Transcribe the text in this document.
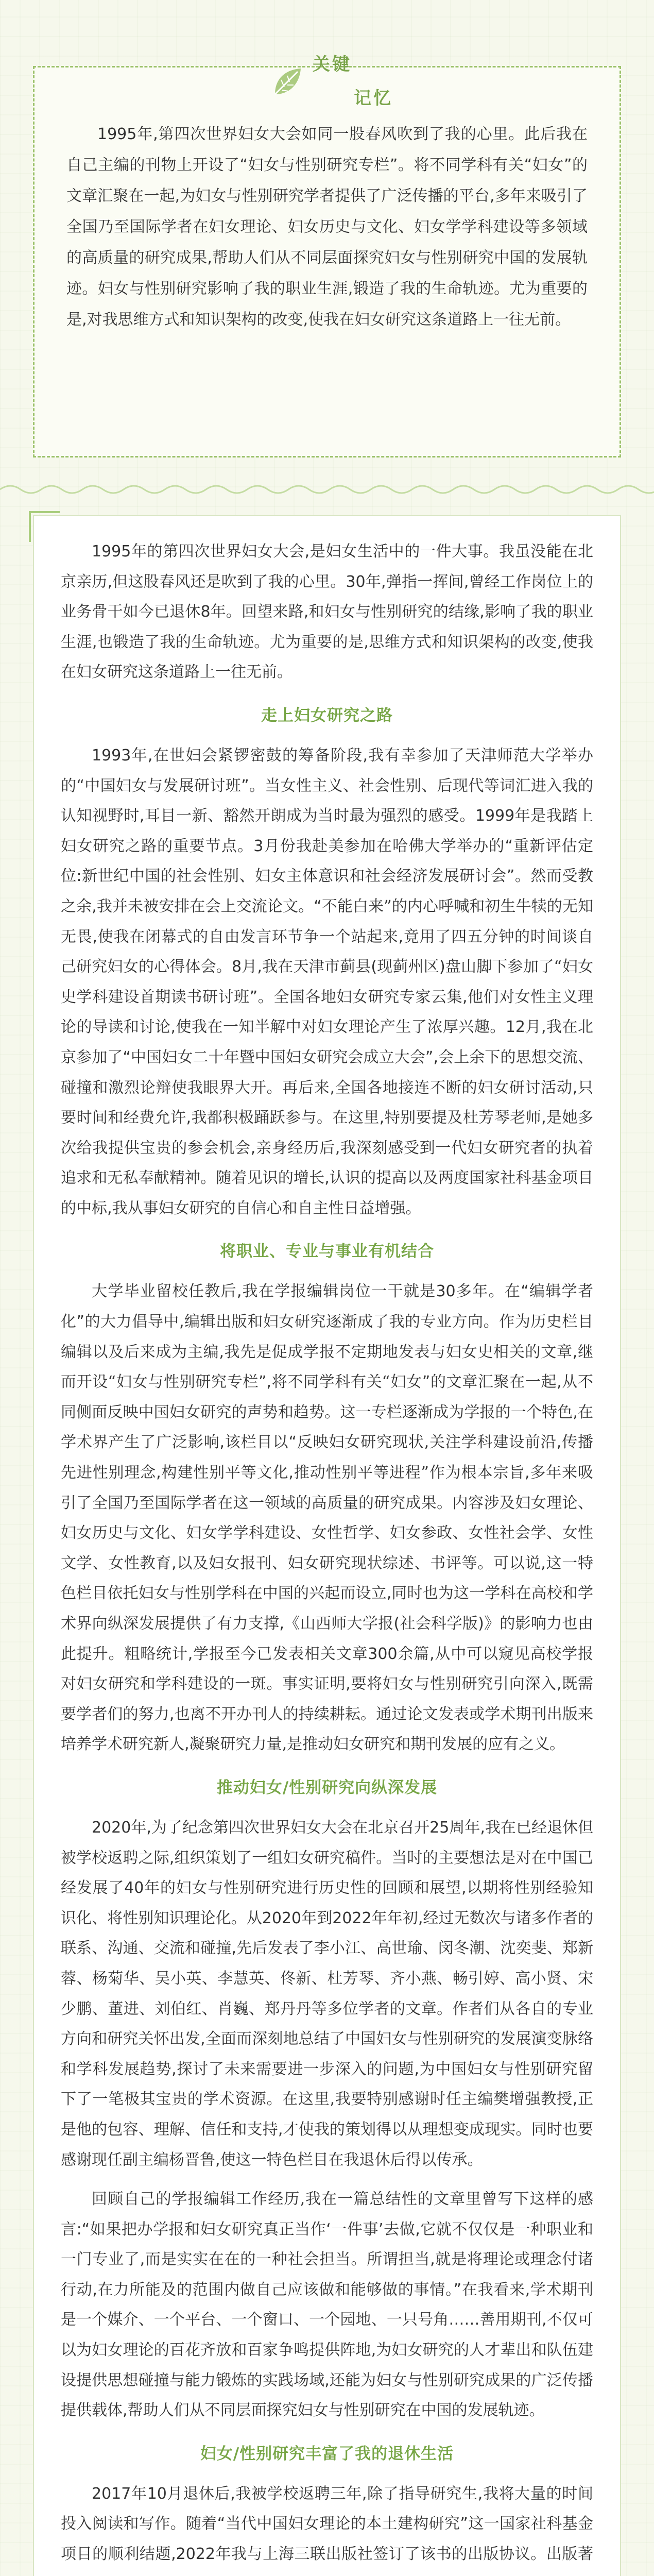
关键
记忆

1995年,第四次世界妇女大会如同一股春风吹到了我的心里。此后我在自己主编的刊物上开设了“妇女与性别研究专栏”。将不同学科有关“妇女”的文章汇聚在一起,为妇女与性别研究学者提供了广泛传播的平台,多年来吸引了全国乃至国际学者在妇女理论、妇女历史与文化、妇女学学科建设等多领域的高质量的研究成果,帮助人们从不同层面探究妇女与性别研究中国的发展轨迹。妇女与性别研究影响了我的职业生涯,锻造了我的生命轨迹。尤为重要的是,对我思维方式和知识架构的改变,使我在妇女研究这条道路上一往无前。

1995年的第四次世界妇女大会,是妇女生活中的一件大事。我虽没能在北京亲历,但这股春风还是吹到了我的心里。30年,弹指一挥间,曾经工作岗位上的业务骨干如今已退休8年。回望来路,和妇女与性别研究的结缘,影响了我的职业生涯,也锻造了我的生命轨迹。尤为重要的是,思维方式和知识架构的改变,使我在妇女研究这条道路上一往无前。

走上妇女研究之路

1993年,在世妇会紧锣密鼓的筹备阶段,我有幸参加了天津师范大学举办的“中国妇女与发展研讨班”。当女性主义、社会性别、后现代等词汇进入我的认知视野时,耳目一新、豁然开朗成为当时最为强烈的感受。1999年是我踏上妇女研究之路的重要节点。3月份我赴美参加在哈佛大学举办的“重新评估定位:新世纪中国的社会性别、妇女主体意识和社会经济发展研讨会”。然而受教之余,我并未被安排在会上交流论文。“不能白来”的内心呼喊和初生牛犊的无知无畏,使我在闭幕式的自由发言环节争一个站起来,竟用了四五分钟的时间谈自己研究妇女的心得体会。8月,我在天津市蓟县(现蓟州区)盘山脚下参加了“妇女史学科建设首期读书研讨班”。全国各地妇女研究专家云集,他们对女性主义理论的导读和讨论,使我在一知半解中对妇女理论产生了浓厚兴趣。12月,我在北京参加了“中国妇女二十年暨中国妇女研究会成立大会”,会上余下的思想交流、碰撞和激烈论辩使我眼界大开。再后来,全国各地接连不断的妇女研讨活动,只要时间和经费允许,我都积极踊跃参与。在这里,特别要提及杜芳琴老师,是她多次给我提供宝贵的参会机会,亲身经历后,我深刻感受到一代妇女研究者的执着追求和无私奉献精神。随着见识的增长,认识的提高以及两度国家社科基金项目的中标,我从事妇女研究的自信心和自主性日益增强。

将职业、专业与事业有机结合

大学毕业留校任教后,我在学报编辑岗位一干就是30多年。在“编辑学者化”的大力倡导中,编辑出版和妇女研究逐渐成了我的专业方向。作为历史栏目编辑以及后来成为主编,我先是促成学报不定期地发表与妇女史相关的文章,继而开设“妇女与性别研究专栏”,将不同学科有关“妇女”的文章汇聚在一起,从不同侧面反映中国妇女研究的声势和趋势。这一专栏逐渐成为学报的一个特色,在学术界产生了广泛影响,该栏目以“反映妇女研究现状,关注学科建设前沿,传播先进性别理念,构建性别平等文化,推动性别平等进程”作为根本宗旨,多年来吸引了全国乃至国际学者在这一领域的高质量的研究成果。内容涉及妇女理论、妇女历史与文化、妇女学学科建设、女性哲学、妇女参政、女性社会学、女性文学、女性教育,以及妇女报刊、妇女研究现状综述、书评等。可以说,这一特色栏目依托妇女与性别学科在中国的兴起而设立,同时也为这一学科在高校和学术界向纵深发展提供了有力支撑,《山西师大学报(社会科学版)》的影响力也由此提升。粗略统计,学报至今已发表相关文章300余篇,从中可以窥见高校学报对妇女研究和学科建设的一斑。事实证明,要将妇女与性别研究引向深入,既需要学者们的努力,也离不开办刊人的持续耕耘。通过论文发表或学术期刊出版来培养学术研究新人,凝聚研究力量,是推动妇女研究和期刊发展的应有之义。

推动妇女/性别研究向纵深发展

2020年,为了纪念第四次世界妇女大会在北京召开25周年,我在已经退休但被学校返聘之际,组织策划了一组妇女研究稿件。当时的主要想法是对在中国已经发展了40年的妇女与性别研究进行历史性的回顾和展望,以期将性别经验知识化、将性别知识理论化。从2020年到2022年年初,经过无数次与诸多作者的联系、沟通、交流和碰撞,先后发表了李小江、高世瑜、闵冬潮、沈奕斐、郑新蓉、杨菊华、吴小英、李慧英、佟新、杜芳琴、齐小燕、畅引婷、高小贤、宋少鹏、董进、刘伯红、肖巍、郑丹丹等多位学者的文章。作者们从各自的专业方向和研究关怀出发,全面而深刻地总结了中国妇女与性别研究的发展演变脉络和学科发展趋势,探讨了未来需要进一步深入的问题,为中国妇女与性别研究留下了一笔极其宝贵的学术资源。在这里,我要特别感谢时任主编樊增强教授,正是他的包容、理解、信任和支持,才使我的策划得以从理想变成现实。同时也要感谢现任副主编杨晋鲁,使这一特色栏目在我退休后得以传承。

回顾自己的学报编辑工作经历,我在一篇总结性的文章里曾写下这样的感言:“如果把办学报和妇女研究真正当作‘一件事’去做,它就不仅仅是一种职业和一门专业了,而是实实在在的一种社会担当。所谓担当,就是将理论或理念付诸行动,在力所能及的范围内做自己应该做和能够做的事情。”在我看来,学术期刊是一个媒介、一个平台、一个窗口、一个园地、一只号角……善用期刊,不仅可以为妇女理论的百花齐放和百家争鸣提供阵地,为妇女研究的人才辈出和队伍建设提供思想碰撞与能力锻炼的实践场域,还能为妇女与性别研究成果的广泛传播提供载体,帮助人们从不同层面探究妇女与性别研究在中国的发展轨迹。

妇女/性别研究丰富了我的退休生活

2017年10月退休后,我被学校返聘三年,除了指导研究生,我将大量的时间投入阅读和写作。随着“当代中国妇女理论的本土建构研究”这一国家社科基金项目的顺利结题,2022年我与上海三联出版社签订了该书的出版协议。出版著
